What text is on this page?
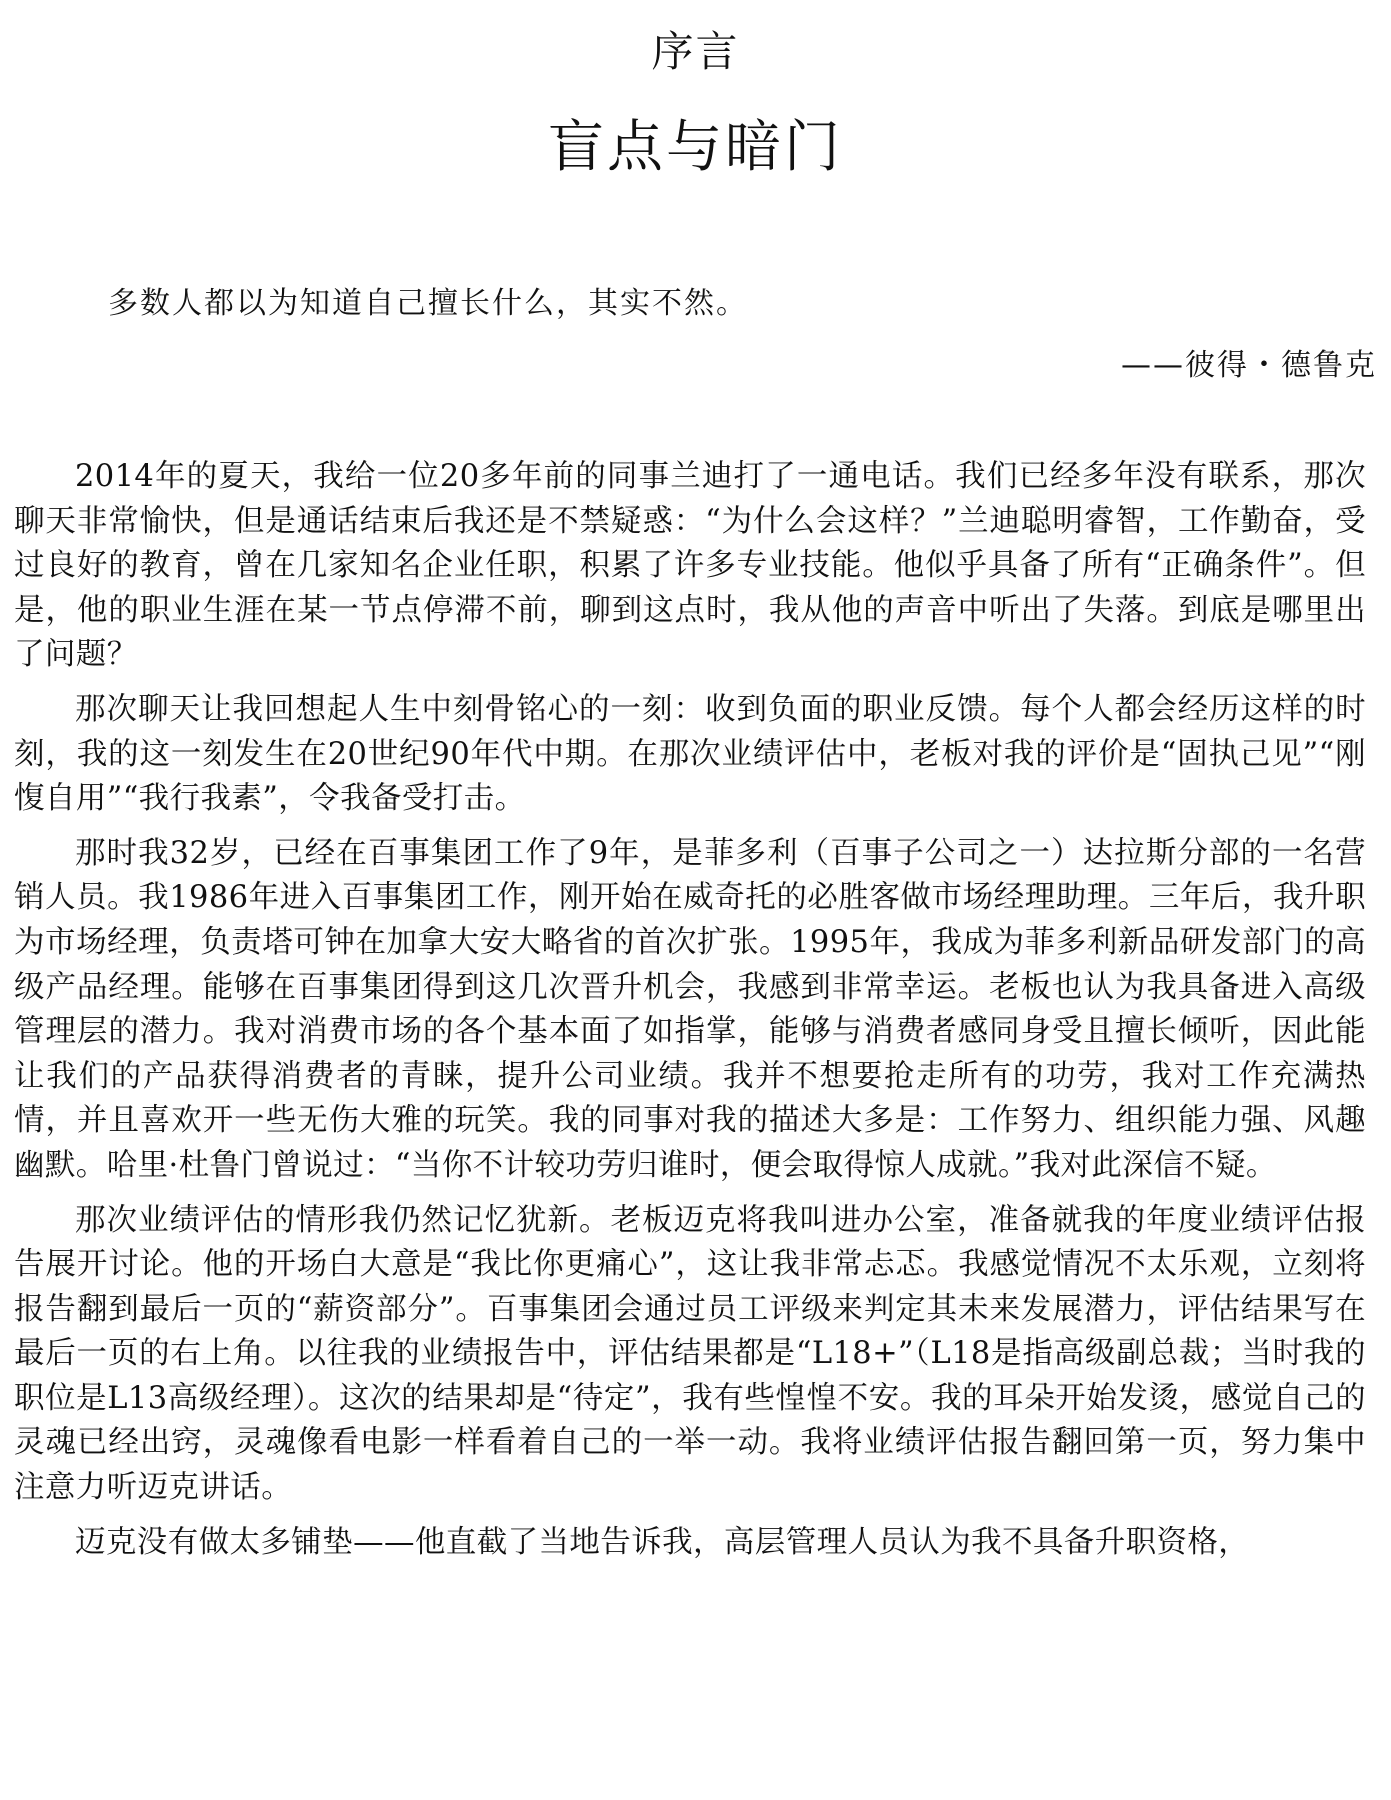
序言
盲点与暗门
多数人都以为知道自己擅长什么，其实不然。
——彼得・德鲁克

2014年的夏天，我给一位20多年前的同事兰迪打了一通电话。我们已经多年没有联系，那次聊天非常愉快，但是通话结束后我还是不禁疑惑：“为什么会这样？”兰迪聪明睿智，工作勤奋，受过良好的教育，曾在几家知名企业任职，积累了许多专业技能。他似乎具备了所有“正确条件”。但是，他的职业生涯在某一节点停滞不前，聊到这点时，我从他的声音中听出了失落。到底是哪里出了问题？

那次聊天让我回想起人生中刻骨铭心的一刻：收到负面的职业反馈。每个人都会经历这样的时刻，我的这一刻发生在20世纪90年代中期。在那次业绩评估中，老板对我的评价是“固执己见”“刚愎自用”“我行我素”，令我备受打击。

那时我32岁，已经在百事集团工作了9年，是菲多利（百事子公司之一）达拉斯分部的一名营销人员。我1986年进入百事集团工作，刚开始在威奇托的必胜客做市场经理助理。三年后，我升职为市场经理，负责塔可钟在加拿大安大略省的首次扩张。1995年，我成为菲多利新品研发部门的高级产品经理。能够在百事集团得到这几次晋升机会，我感到非常幸运。老板也认为我具备进入高级管理层的潜力。我对消费市场的各个基本面了如指掌，能够与消费者感同身受且擅长倾听，因此能让我们的产品获得消费者的青睐，提升公司业绩。我并不想要抢走所有的功劳，我对工作充满热情，并且喜欢开一些无伤大雅的玩笑。我的同事对我的描述大多是：工作努力、组织能力强、风趣幽默。哈里·杜鲁门曾说过：“当你不计较功劳归谁时，便会取得惊人成就。”我对此深信不疑。

那次业绩评估的情形我仍然记忆犹新。老板迈克将我叫进办公室，准备就我的年度业绩评估报告展开讨论。他的开场白大意是“我比你更痛心”，这让我非常忐忑。我感觉情况不太乐观，立刻将报告翻到最后一页的“薪资部分”。百事集团会通过员工评级来判定其未来发展潜力，评估结果写在最后一页的右上角。以往我的业绩报告中，评估结果都是“L18+”（L18是指高级副总裁；当时我的职位是L13高级经理）。这次的结果却是“待定”，我有些惶惶不安。我的耳朵开始发烫，感觉自己的灵魂已经出窍，灵魂像看电影一样看着自己的一举一动。我将业绩评估报告翻回第一页，努力集中注意力听迈克讲话。

迈克没有做太多铺垫——他直截了当地告诉我，高层管理人员认为我不具备升职资格，
